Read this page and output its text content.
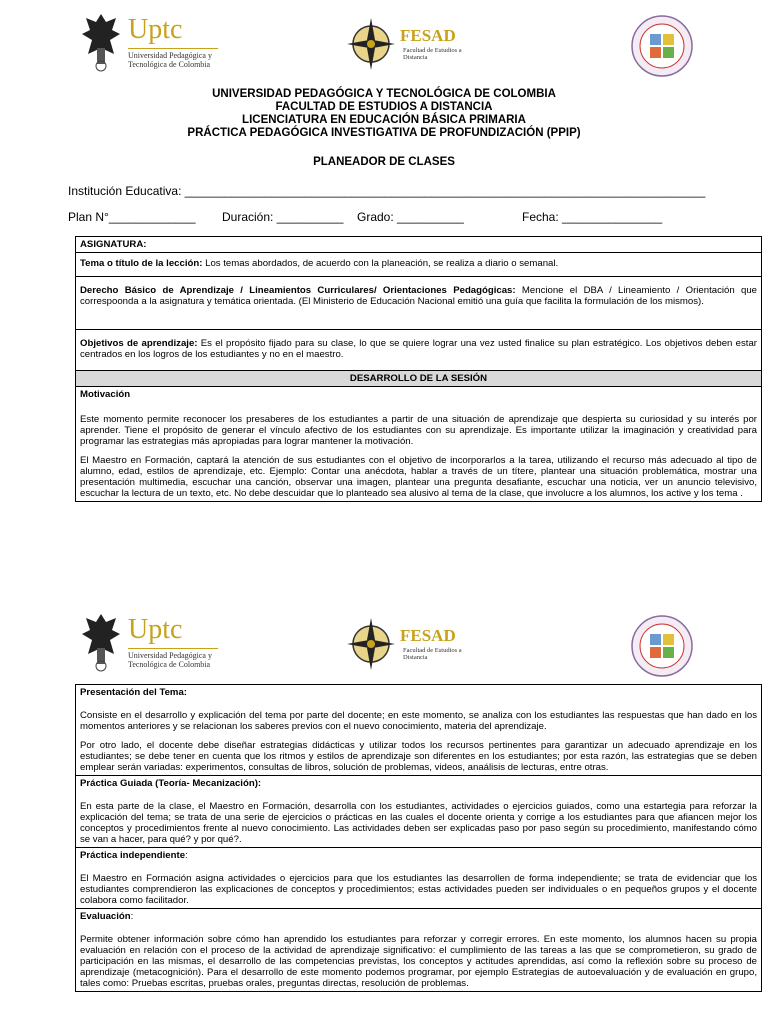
Uptc
Universidad Pedagógica y Tecnológica de Colombia
FESAD
Facultad de Estudios a Distancia
UNIVERSIDAD PEDAGÓGICA Y TECNOLÓGICA DE COLOMBIA
FACULTAD DE ESTUDIOS A DISTANCIA
LICENCIATURA EN EDUCACIÓN BÁSICA PRIMARIA
PRÁCTICA PEDAGÓGICA INVESTIGATIVA DE PROFUNDIZACIÓN (PPIP)
PLANEADOR DE CLASES
Institución Educativa: ______________________________________________________________________________
Plan N°_____________ Duración: __________ Grado: __________	Fecha: _______________
ASIGNATURA:
Tema o título de la lección: Los temas abordados, de acuerdo con la planeación, se realiza a diario o semanal.
Derecho Básico de Aprendizaje / Lineamientos Curriculares/ Orientaciones Pedagógicas: Mencione el DBA / Lineamiento / Orientación que correspoonda a la asignatura y temática orientada. (El Ministerio de Educación Nacional emitió una guía que facilita la formulación de los mismos).
Objetivos de aprendizaje: Es el propósito fijado para su clase, lo que se quiere lograr una vez usted finalice su plan estratégico. Los objetivos deben estar centrados en los logros de los estudiantes y no en el maestro.
DESARROLLO DE LA SESIÓN

Motivación

Este momento permite reconocer los presaberes de los estudiantes a partir de una situación de aprendizaje que despierta su curiosidad y su interés por aprender. Tiene el propósito de generar el vínculo afectivo de los estudiantes con su aprendizaje. Es importante utilizar la imaginación y creatividad para programar las estrategias más apropiadas para lograr mantener la motivación.

El Maestro en Formación, captará la atención de sus estudiantes con el objetivo de incorporarlos a la tarea, utilizando el recurso más adecuado al tipo de alumno, edad, estilos de aprendizaje, etc. Ejemplo: Contar una anécdota, hablar a través de un títere, plantear una situación problemática, mostrar una presentación multimedia, escuchar una canción, observar una imagen, plantear una pregunta desafiante, escuchar una noticia, ver un anuncio televisivo, escuchar la lectura de un texto, etc. No debe descuidar que lo planteado sea alusivo al tema de la clase, que involucre a los alumnos, los active y los tema .

Uptc
Universidad Pedagógica y Tecnológica de Colombia
FESAD
Facultad de Estudios a Distancia

Presentación del Tema:

Consiste en el desarrollo y explicación del tema por parte del docente; en este momento, se analiza con los estudiantes las respuestas que han dado en los momentos anteriores y se relacionan los saberes previos con el nuevo conocimiento, materia del aprendizaje.

Por otro lado, el docente debe diseñar estrategias didácticas y utilizar todos los recursos pertinentes para garantizar un adecuado aprendizaje en los estudiantes; se debe tener en cuenta que los ritmos y estilos de aprendizaje son diferentes en los estudiantes; por esta razón, las estrategias que se deben emplear serán variadas: experimentos, consultas de libros, solución de problemas, videos, anaálisis de lecturas, entre otras.

Práctica Guiada (Teoría- Mecanización):

En esta parte de la clase, el Maestro en Formación, desarrolla con los estudiantes, actividades o ejercicios guiados, como una estartegia para reforzar la explicación del tema; se trata de una serie de ejercicios o prácticas en las cuales el docente orienta y corrige a los estudiantes para que afiancen mejor los conceptos y procedimientos frente al nuevo conocimiento. Las actividades deben ser explicadas paso por paso según su procedimiento, manifestando cómo se van a hacer, para qué? y por qué?.

Práctica independiente:

El Maestro en Formación asigna actividades o ejercicios para que los estudiantes las desarrollen de forma independiente; se trata de evidenciar que los estudiantes comprendieron las explicaciones de conceptos y procedimientos; estas actividades pueden ser individuales o en pequeños grupos y el docente colabora como facilitador.

Evaluación:

Permite obtener información sobre cómo han aprendido los estudiantes para reforzar y corregir errores. En este momento, los alumnos hacen su propia evaluación en relación con el proceso de la actividad de aprendizaje significativo: el cumplimiento de las tareas a las que se comprometieron, su grado de participación en las mismas, el desarrollo de las competencias previstas, los conceptos y actitudes aprendidas, así como la reflexión sobre su proceso de aprendizaje (metacognición). Para el desarrollo de este momento podemos programar, por ejemplo Estrategias de autoevaluación y de evaluación en grupo, tales como: Pruebas escritas, pruebas orales, preguntas directas, resolución de problemas.
